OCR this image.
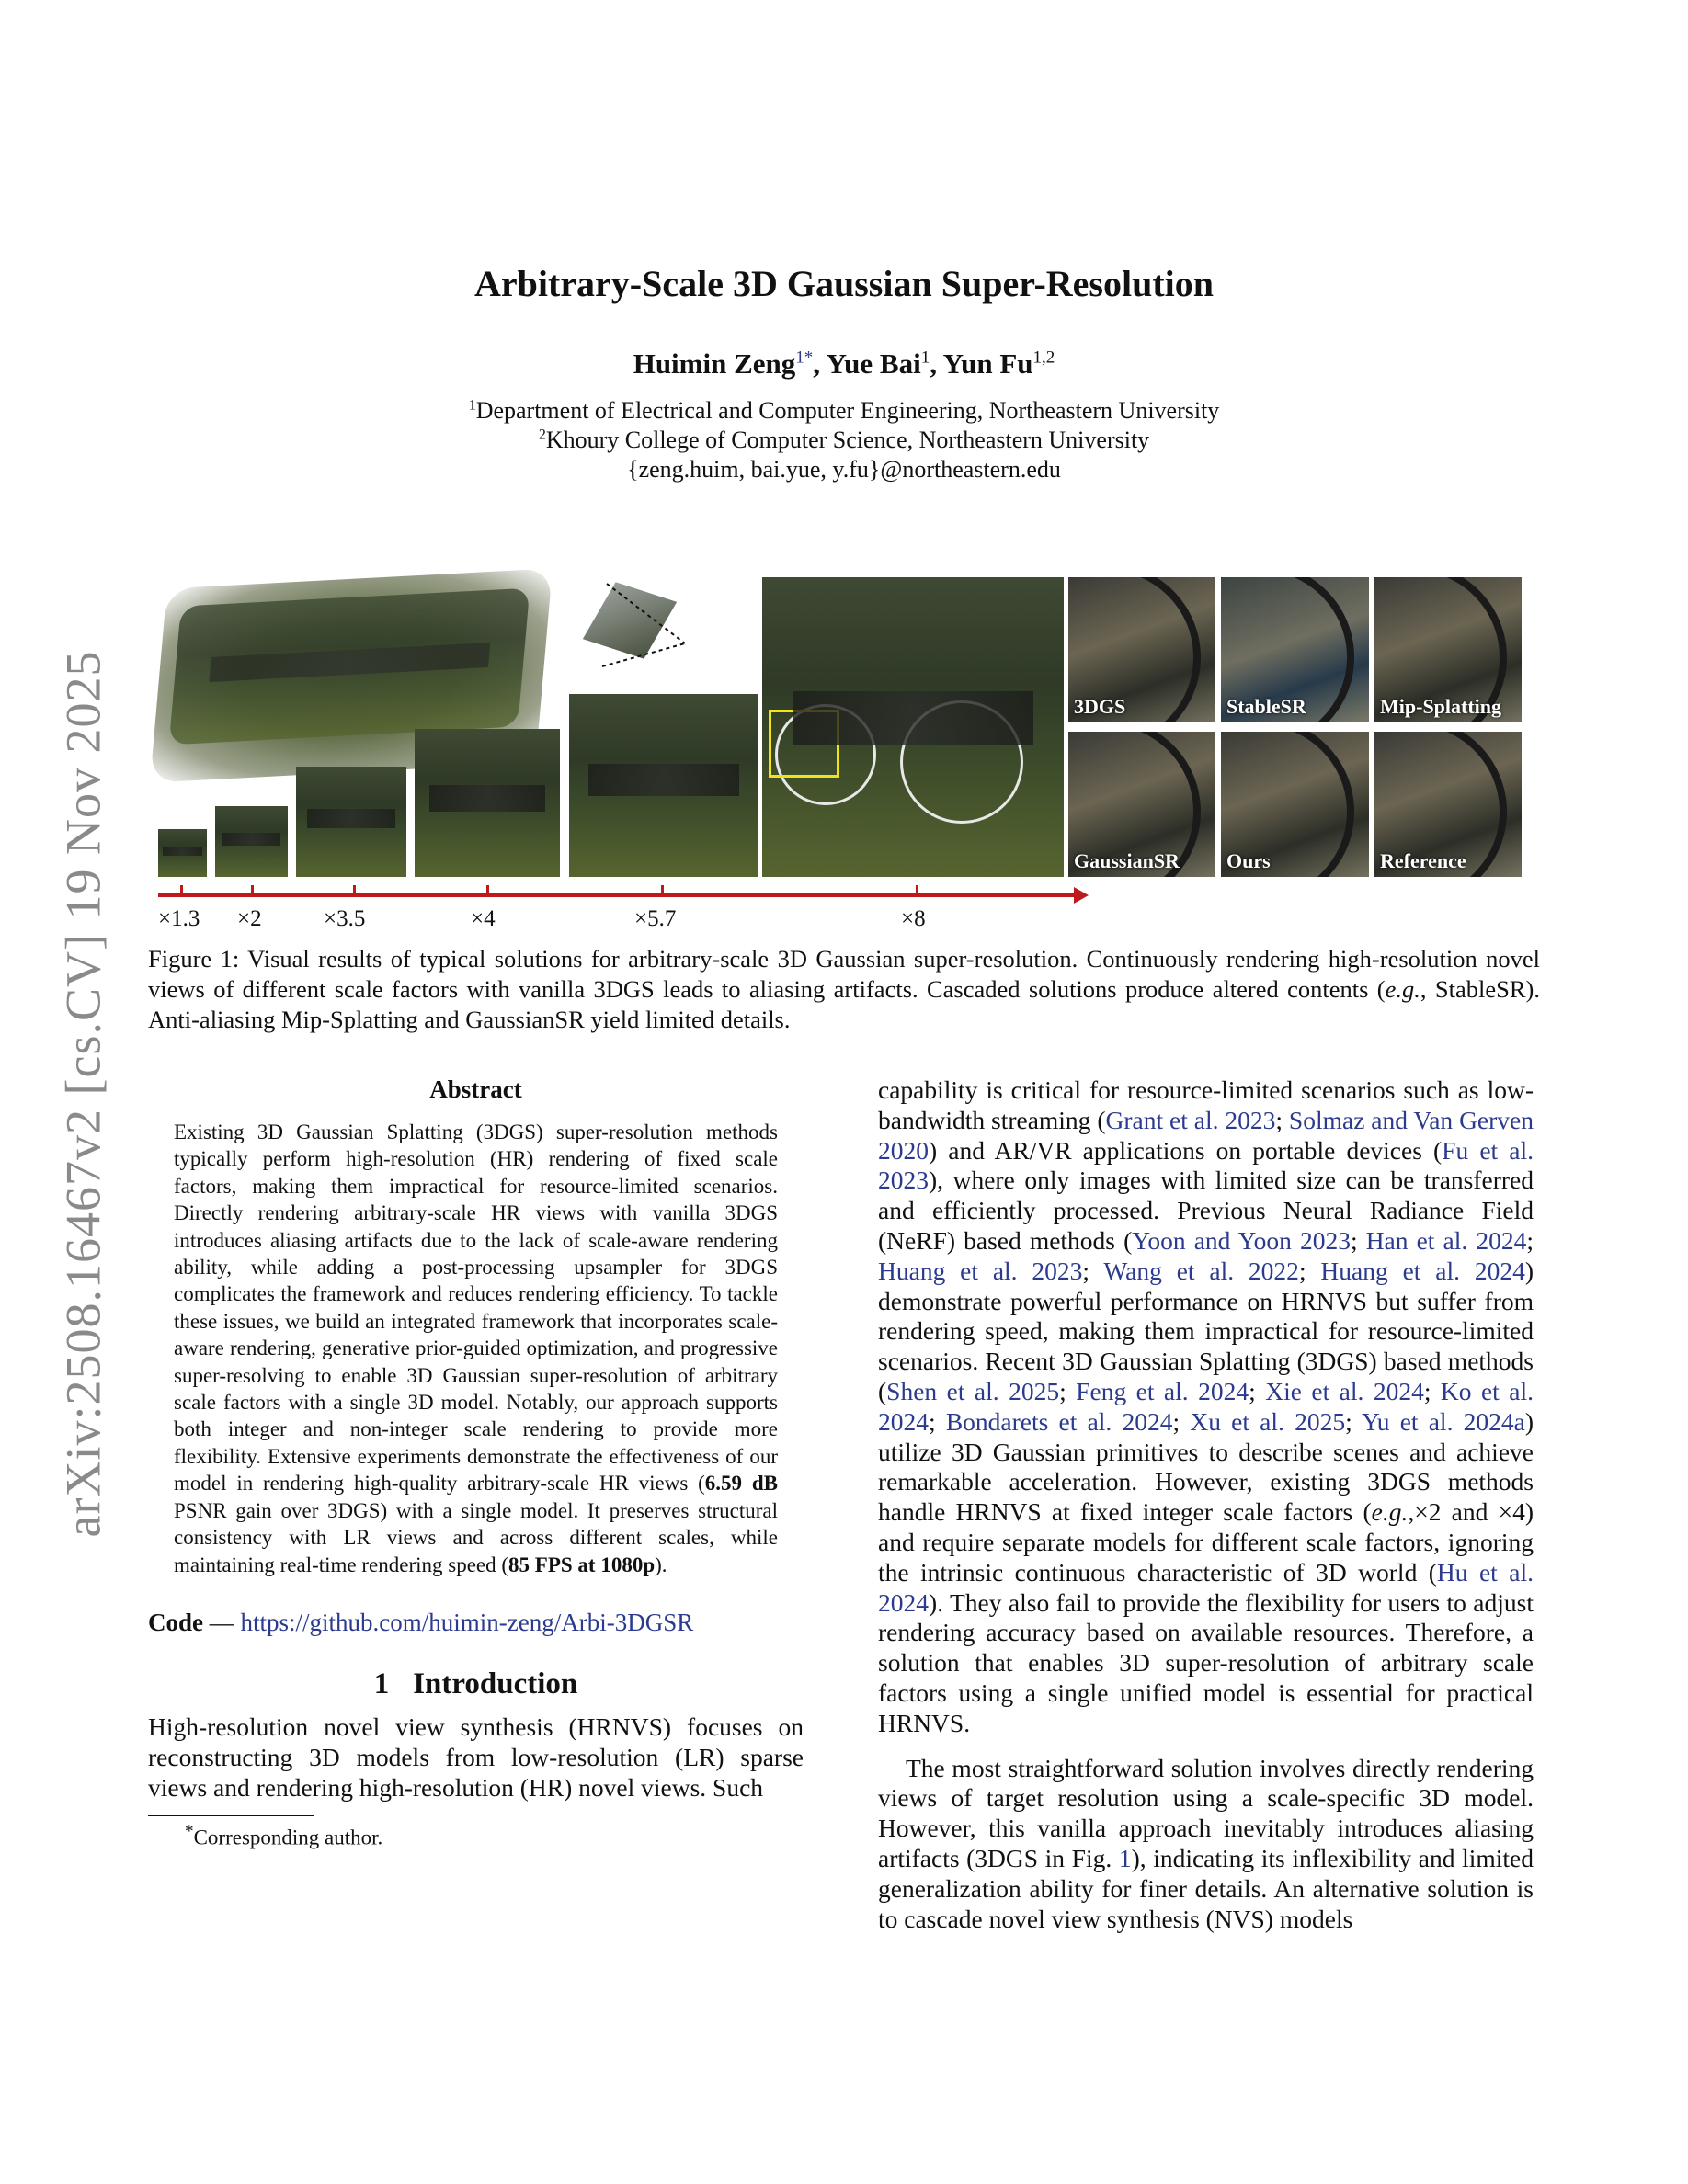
arXiv:2508.16467v2 [cs.CV] 19 Nov 2025
Arbitrary-Scale 3D Gaussian Super-Resolution
Huimin Zeng$^{1*}$, Yue Bai$^1$, Yun Fu$^{1,2}$
$^1$Department of Electrical and Computer Engineering, Northeastern University
$^2$Khoury College of Computer Science, Northeastern University
{zeng.huim, bai.yue, y.fu}@northeastern.edu
3DGS	StableSR	Mip-Splatting
GaussianSR Ours	Reference
×1.3 ×2	×3.5	×4	×5.7	×8

Figure 1: Visual results of typical solutions for arbitrary-scale 3D Gaussian super-resolution. Continuously rendering high-resolution novel views of different scale factors with vanilla 3DGS leads to aliasing artifacts. Cascaded solutions produce altered contents (e.g., StableSR). Anti-aliasing Mip-Splatting and GaussianSR yield limited details.

Abstract

Existing 3D Gaussian Splatting (3DGS) super-resolution methods typically perform high-resolution (HR) rendering of fixed scale factors, making them impractical for resource-limited scenarios. Directly rendering arbitrary-scale HR views with vanilla 3DGS introduces aliasing artifacts due to the lack of scale-aware rendering ability, while adding a post-processing upsampler for 3DGS complicates the framework and reduces rendering efficiency. To tackle these issues, we build an integrated framework that incorporates scale-aware rendering, generative prior-guided optimization, and progressive super-resolving to enable 3D Gaussian super-resolution of arbitrary scale factors with a single 3D model. Notably, our approach supports both integer and non-integer scale rendering to provide more flexibility. Extensive experiments demonstrate the effectiveness of our model in rendering high-quality arbitrary-scale HR views (6.59 dB PSNR gain over 3DGS) with a single model. It preserves structural consistency with LR views and across different scales, while maintaining real-time rendering speed (85 FPS at 1080p).

Code — https://github.com/huimin-zeng/Arbi-3DGSR
1 Introduction

High-resolution novel view synthesis (HRNVS) focuses on reconstructing 3D models from low-resolution (LR) sparse views and rendering high-resolution (HR) novel views. Such

*Corresponding author.

capability is critical for resource-limited scenarios such as low-bandwidth streaming (Grant et al. 2023; Solmaz and Van Gerven 2020) and AR/VR applications on portable devices (Fu et al. 2023), where only images with limited size can be transferred and efficiently processed. Previous Neural Radiance Field (NeRF) based methods (Yoon and Yoon 2023; Han et al. 2024; Huang et al. 2023; Wang et al. 2022; Huang et al. 2024) demonstrate powerful performance on HRNVS but suffer from rendering speed, making them impractical for resource-limited scenarios. Recent 3D Gaussian Splatting (3DGS) based methods (Shen et al. 2025; Feng et al. 2024; Xie et al. 2024; Ko et al. 2024; Bondarets et al. 2024; Xu et al. 2025; Yu et al. 2024a) utilize 3D Gaussian primitives to describe scenes and achieve remarkable acceleration. However, existing 3DGS methods handle HRNVS at fixed integer scale factors (e.g.,×2 and ×4) and require separate models for different scale factors, ignoring the intrinsic continuous characteristic of 3D world (Hu et al. 2024). They also fail to provide the flexibility for users to adjust rendering accuracy based on available resources. Therefore, a solution that enables 3D super-resolution of arbitrary scale factors using a single unified model is essential for practical HRNVS.

The most straightforward solution involves directly rendering views of target resolution using a scale-specific 3D model. However, this vanilla approach inevitably introduces aliasing artifacts (3DGS in Fig. 1), indicating its inflexibility and limited generalization ability for finer details. An alternative solution is to cascade novel view synthesis (NVS) models
